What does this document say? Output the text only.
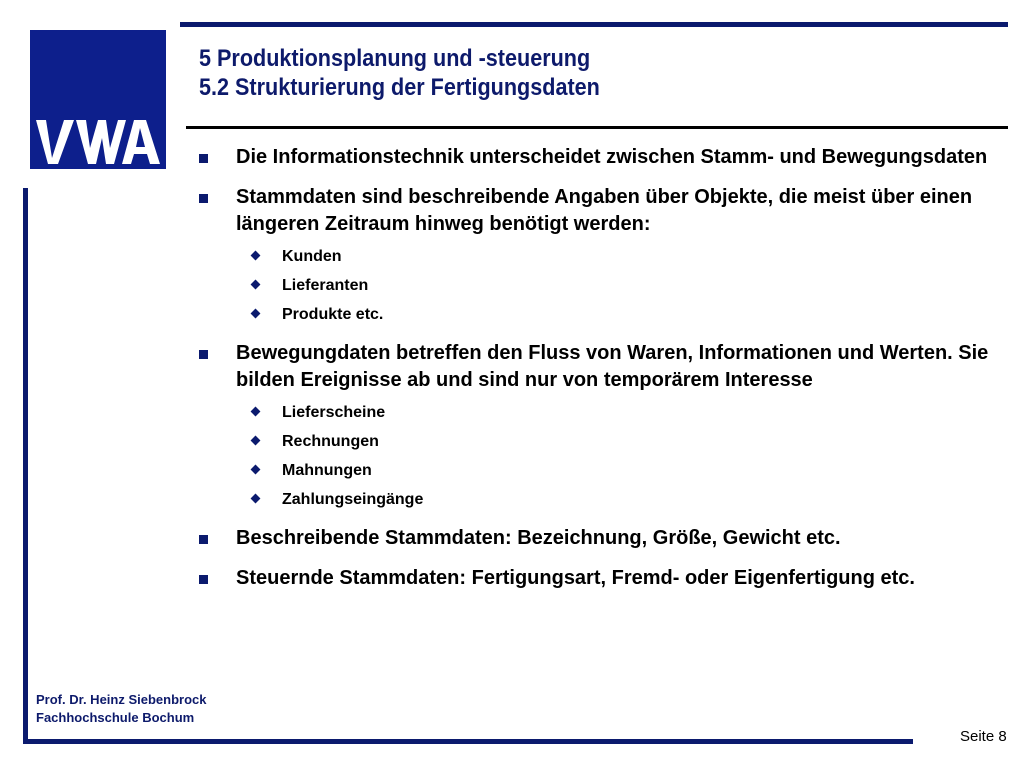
5 Produktionsplanung und -steuerung
5.2 Strukturierung der Fertigungsdaten
Die Informationstechnik unterscheidet zwischen Stamm- und Bewegungsdaten
Stammdaten sind beschreibende Angaben über Objekte, die meist über einen längeren Zeitraum hinweg benötigt werden:
Kunden
Lieferanten
Produkte etc.
Bewegungdaten betreffen den Fluss von Waren, Informationen und Werten. Sie bilden Ereignisse ab und sind nur von temporärem Interesse
Lieferscheine
Rechnungen
Mahnungen
Zahlungseingänge
Beschreibende Stammdaten: Bezeichnung, Größe, Gewicht etc.
Steuernde Stammdaten: Fertigungsart, Fremd- oder Eigenfertigung etc.
Prof. Dr. Heinz Siebenbrock
Fachhochschule Bochum
Seite 8
